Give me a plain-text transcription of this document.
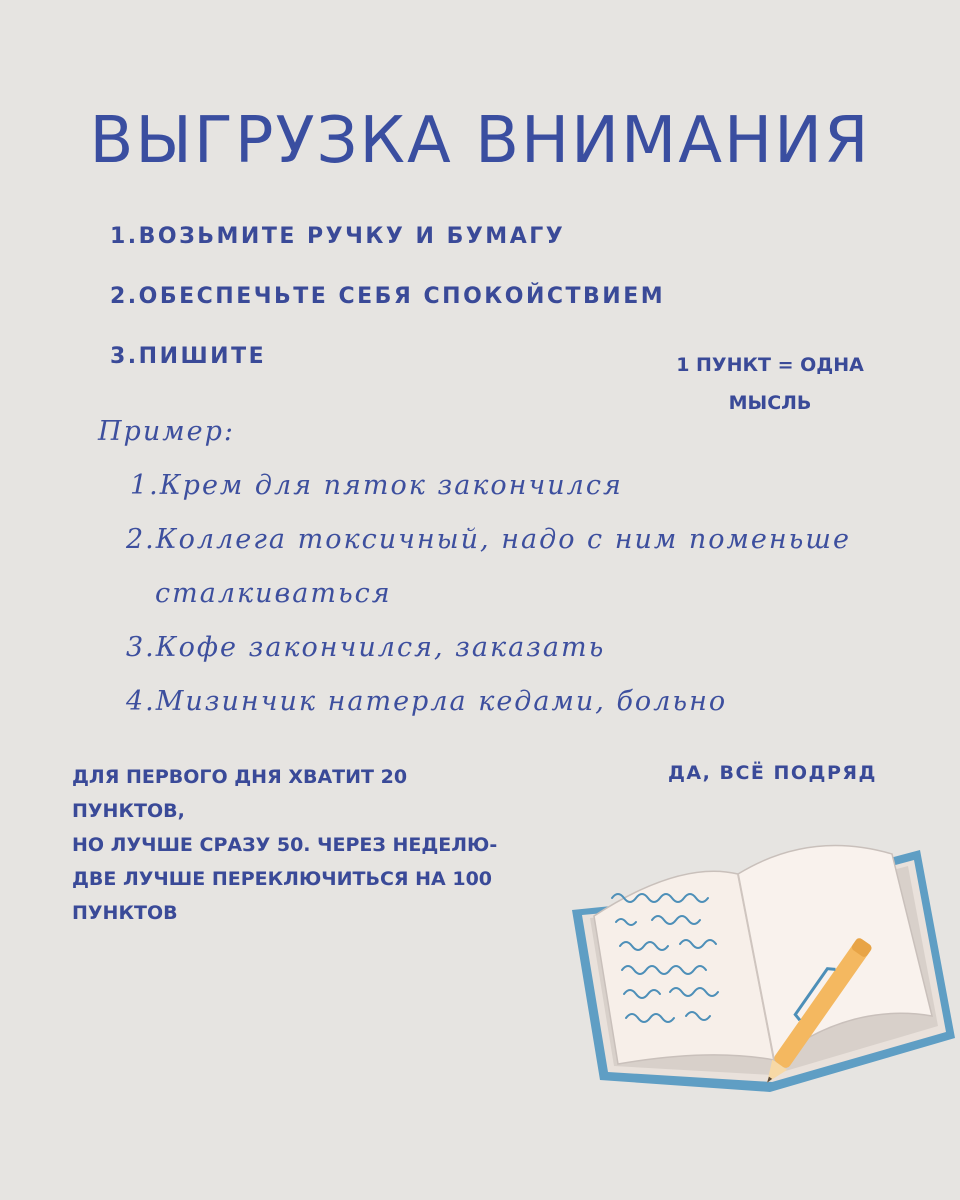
ВЫГРУЗКА ВНИМАНИЯ
1.ВОЗЬМИТЕ РУЧКУ И БУМАГУ
2.ОБЕСПЕЧЬТЕ СЕБЯ СПОКОЙСТВИЕМ
3.ПИШИТЕ	1 ПУНКТ = ОДНА
МЫСЛЬ
Пример:
1.Крем для пяток закончился
2.Коллега токсичный, надо с ним поменьше
сталкиваться
3.Кофе закончился, заказать
4.Мизинчик натерла кедами, больно
ДЛЯ ПЕРВОГО ДНЯ ХВАТИТ 20
ПУНКТОВ,
НО ЛУЧШЕ СРАЗУ 50. ЧЕРЕЗ НЕДЕЛЮ-
ДВЕ ЛУЧШЕ ПЕРЕКЛЮЧИТЬСЯ НА 100
ПУНКТОВ
ДА, ВСЁ ПОДРЯД
